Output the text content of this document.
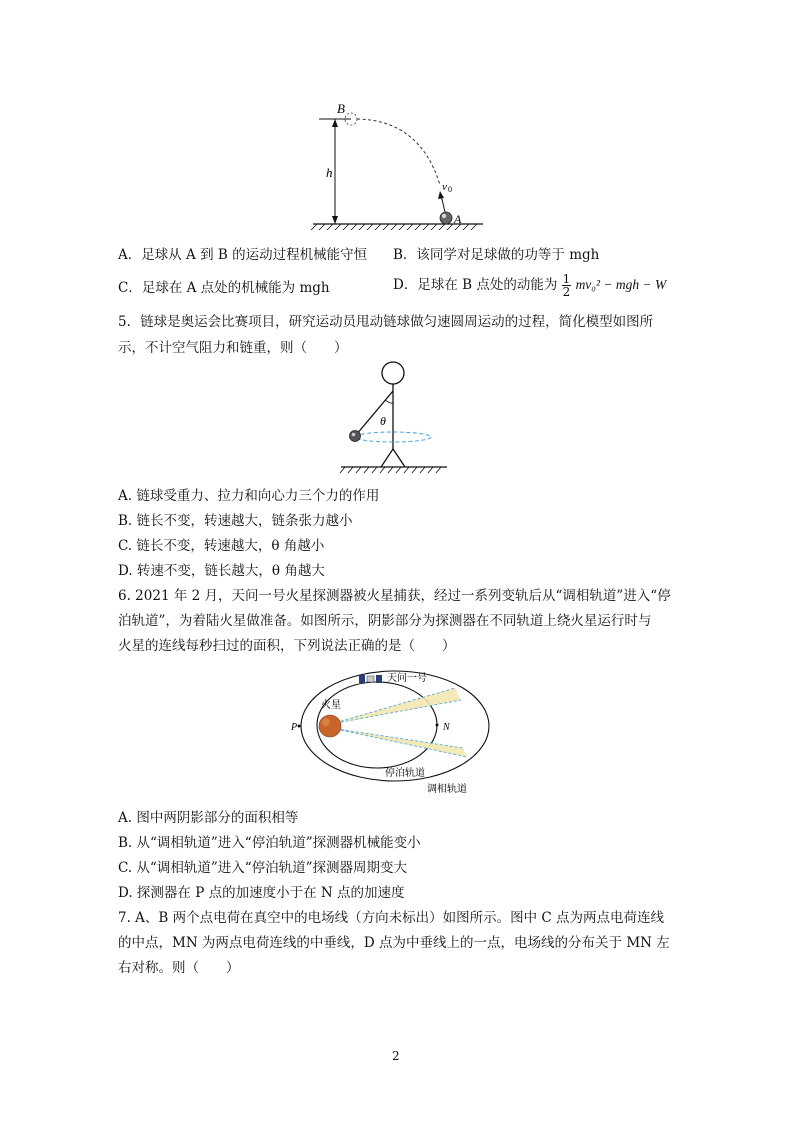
B
h
v 0
A
A．足球从 A 到 B 的运动过程机械能守恒 B．该同学对足球做的功等于 mgh
C．足球在 A 点处的机械能为 mgh	D．足球在 B 点处的动能为 $\frac{1}{2} mv_0^2$ − mgh − W
5．链球是奥运会比赛项目，研究运动员甩动链球做匀速圆周运动的过程，简化模型如图所
示，不计空气阻力和链重，则（　　）
θ
A. 链球受重力、拉力和向心力三个力的作用
B. 链长不变，转速越大，链条张力越小
C. 链长不变，转速越大，θ 角越小
D. 转速不变，链长越大，θ 角越大
6. 2021 年 2 月，天问一号火星探测器被火星捕获，经过一系列变轨后从“调相轨道”进入“停
泊轨道”，为着陆火星做准备。如图所示，阴影部分为探测器在不同轨道上绕火星运行时与
火星的连线每秒扫过的面积，下列说法正确的是（　　）
天问一号
火星
P	N
停泊轨道
调相轨道
A. 图中两阴影部分的面积相等
B. 从“调相轨道”进入“停泊轨道”探测器机械能变小
C. 从“调相轨道”进入“停泊轨道”探测器周期变大
D. 探测器在 P 点的加速度小于在 N 点的加速度
7. A、B 两个点电荷在真空中的电场线（方向未标出）如图所示。图中 C 点为两点电荷连线
的中点，MN 为两点电荷连线的中垂线，D 点为中垂线上的一点，电场线的分布关于 MN 左
右对称。则（　　）
2
